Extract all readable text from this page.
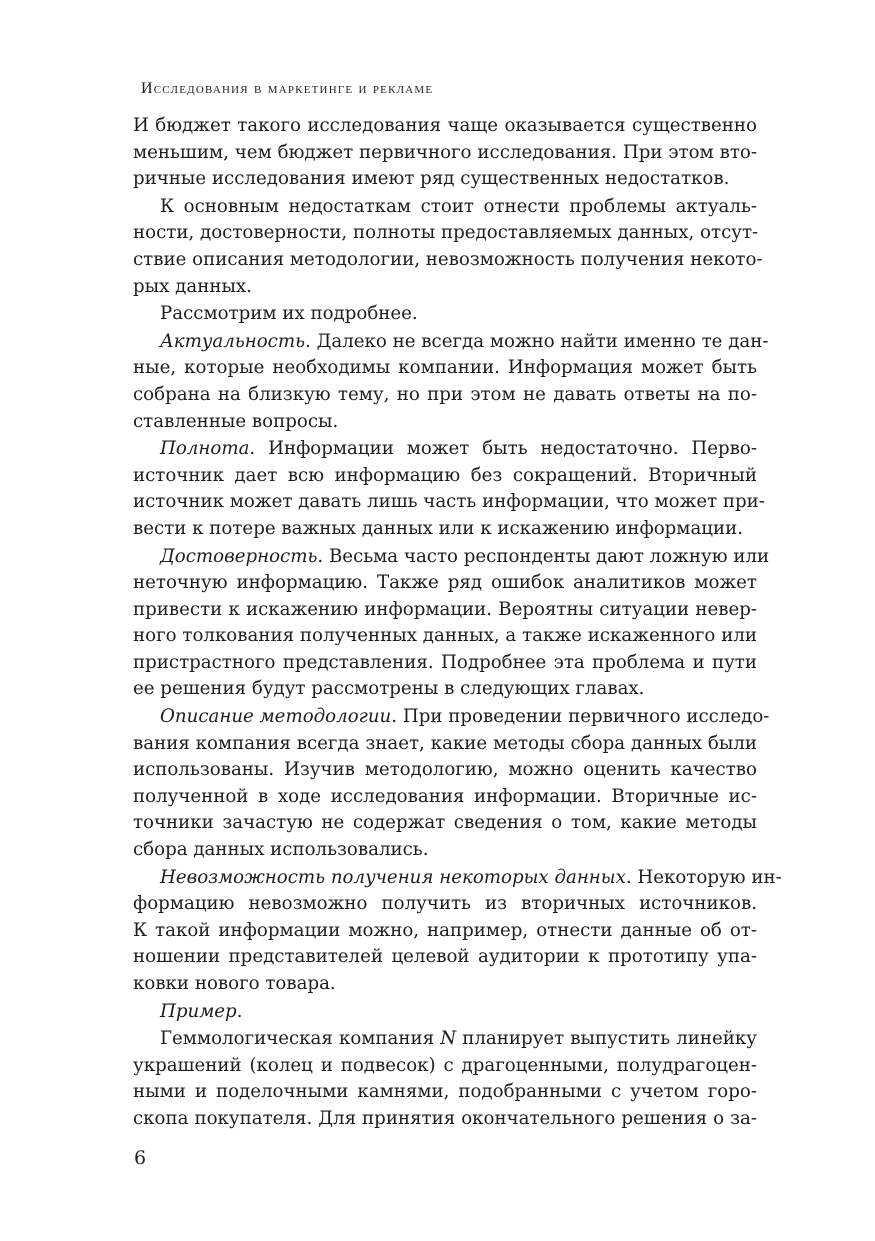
Исследования в маркетинге и рекламе
И бюджет такого исследования чаще оказывается существенно
меньшим, чем бюджет первичного исследования. При этом вто-
ричные исследования имеют ряд существенных недостатков.
К основным недостаткам стоит отнести проблемы актуаль-
ности, достоверности, полноты предоставляемых данных, отсут-
ствие описания методологии, невозможность получения некото-
рых данных.
Рассмотрим их подробнее.
Актуальность. Далеко не всегда можно найти именно те дан-
ные, которые необходимы компании. Информация может быть
собрана на близкую тему, но при этом не давать ответы на по-
ставленные вопросы.
Полнота. Информации может быть недостаточно. Перво-
источник дает всю информацию без сокращений. Вторичный
источник может давать лишь часть информации, что может при-
вести к потере важных данных или к искажению информации.
Достоверность. Весьма часто респонденты дают ложную или
неточную информацию. Также ряд ошибок аналитиков может
привести к искажению информации. Вероятны ситуации невер-
ного толкования полученных данных, а также искаженного или
пристрастного представления. Подробнее эта проблема и пути
ее решения будут рассмотрены в следующих главах.
Описание методологии. При проведении первичного исследо-
вания компания всегда знает, какие методы сбора данных были
использованы. Изучив методологию, можно оценить качество
полученной в ходе исследования информации. Вторичные ис-
точники зачастую не содержат сведения о том, какие методы
сбора данных использовались.
Невозможность получения некоторых данных. Некоторую ин-
формацию невозможно получить из вторичных источников.
К такой информации можно, например, отнести данные об от-
ношении представителей целевой аудитории к прототипу упа-
ковки нового товара.
Пример.
Геммологическая компания N планирует выпустить линейку
украшений (колец и подвесок) с драгоценными, полудрагоцен-
ными и поделочными камнями, подобранными с учетом горо-
скопа покупателя. Для принятия окончательного решения о за-
6
